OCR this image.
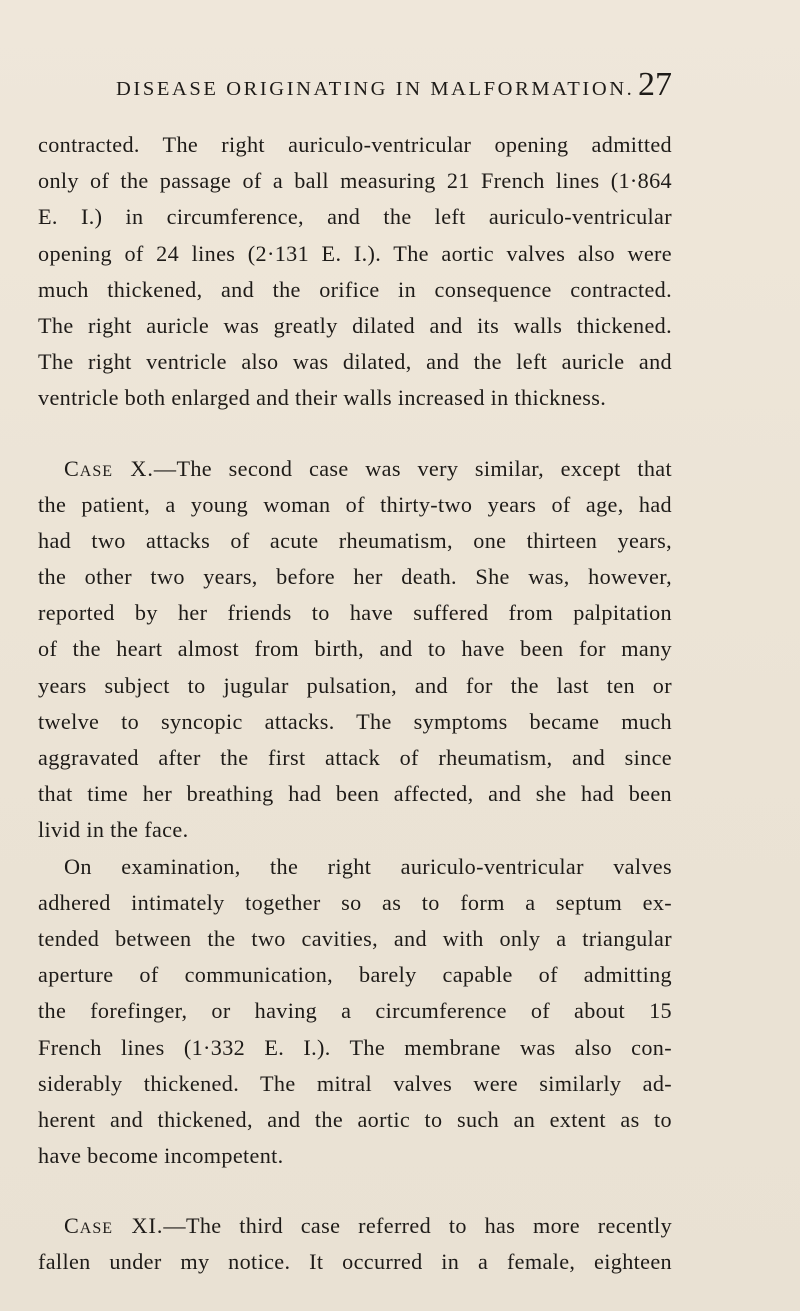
DISEASE ORIGINATING IN MALFORMATION. 27

contracted. The right auriculo-ventricular opening admitted
only of the passage of a ball measuring 21 French lines (1·864
E. I.) in circumference, and the left auriculo-ventricular
opening of 24 lines (2·131 E. I.). The aortic valves also were
much thickened, and the orifice in consequence contracted.
The right auricle was greatly dilated and its walls thickened.
The right ventricle also was dilated, and the left auricle and
ventricle both enlarged and their walls increased in thickness.

Case X.—The second case was very similar, except that
the patient, a young woman of thirty-two years of age, had
had two attacks of acute rheumatism, one thirteen years,
the other two years, before her death. She was, however,
reported by her friends to have suffered from palpitation
of the heart almost from birth, and to have been for many
years subject to jugular pulsation, and for the last ten or
twelve to syncopic attacks. The symptoms became much
aggravated after the first attack of rheumatism, and since
that time her breathing had been affected, and she had been
livid in the face.

On examination, the right auriculo-ventricular valves
adhered intimately together so as to form a septum ex-
tended between the two cavities, and with only a triangular
aperture of communication, barely capable of admitting
the forefinger, or having a circumference of about 15
French lines (1·332 E. I.). The membrane was also con-
siderably thickened. The mitral valves were similarly ad-
herent and thickened, and the aortic to such an extent as to
have become incompetent.

Case XI.—The third case referred to has more recently
fallen under my notice. It occurred in a female, eighteen
